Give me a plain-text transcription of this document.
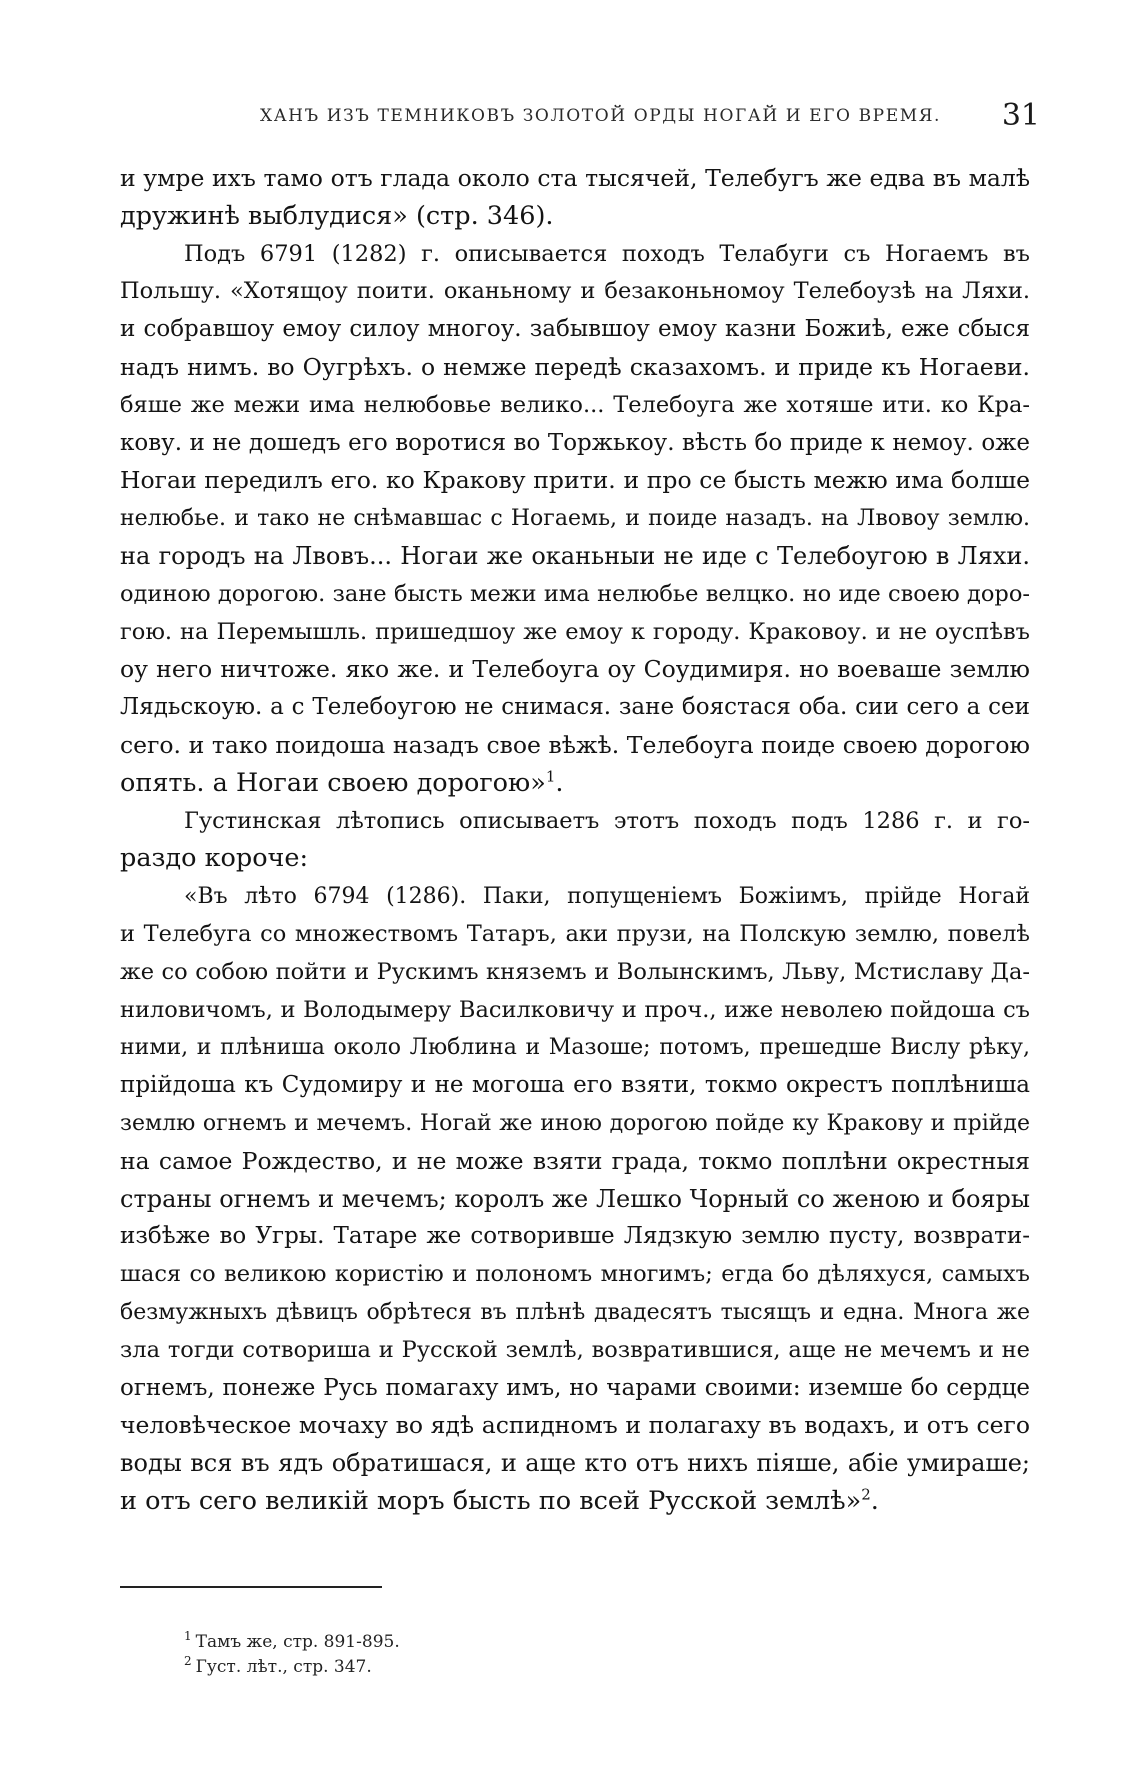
ХАНЪ ИЗЪ ТЕМНИКОВЪ ЗОЛОТОЙ ОРДЫ НОГАЙ И ЕГО ВРЕМЯ. 31
и умре ихъ тамо отъ глада около ста тысячей, Телебугъ же едва въ малѣ
дружинѣ выблудися» (стр. 346).
Подъ 6791 (1282) г. описывается походъ Телабуги съ Ногаемъ въ
Польшу. «Хотящоу поити. оканьному и безаконьномоу Телебоузѣ на Ляхи.
и собравшоу емоу силоу многоу. забывшоу емоу казни Божиѣ, еже сбыся
надъ нимъ. во Оугрѣхъ. о немже передѣ сказахомъ. и приде къ Ногаеви.
бяше же межи има нелюбовье велико... Телебоуга же хотяше ити. ко Кра-
кову. и не дошедъ его воротися во Торжькоу. вѣсть бо приде к немоу. оже
Ногаи передилъ его. ко Кракову прити. и про се бысть межю има болше
нелюбье. и тако не снѣмавшас с Ногаемь, и поиде назадъ. на Лвовоу землю.
на городъ на Лвовъ... Ногаи же оканьныи не иде с Телебоугою в Ляхи.
одиною дорогою. зане бысть межи има нелюбье велцко. но иде своею доро-
гою. на Перемышль. пришедшоу же емоу к городу. Краковоу. и не оуспѣвъ
оу него ничтоже. яко же. и Телебоуга оу Соудимиря. но воеваше землю
Лядьскоую. а с Телебоугою не снимася. зане боястася оба. сии сего а сеи
сего. и тако поидоша назадъ свое вѣжѣ. Телебоуга поиде своею дорогою
опять. а Ногаи своею дорогою»$^1$.
Густинская лѣтопись описываетъ этотъ походъ подъ 1286 г. и го-
раздо короче:
«Въ лѣто 6794 (1286). Паки, попущеніемъ Божіимъ, прійде Ногай
и Телебуга со множествомъ Татаръ, аки прузи, на Полскую землю, повелѣ
же со собою пойти и Рускимъ княземъ и Волынскимъ, Льву, Мстиславу Да-
ниловичомъ, и Володымеру Василковичу и проч., иже неволею пойдоша съ
ними, и плѣниша около Люблина и Мазоше; потомъ, прешедше Вислу рѣку,
прійдоша къ Судомиру и не могоша его взяти, токмо окрестъ поплѣниша
землю огнемъ и мечемъ. Ногай же иною дорогою пойде ку Кракову и прійде
на самое Рождество, и не може взяти града, токмо поплѣни окрестныя
страны огнемъ и мечемъ; королъ же Лешко Чорный со женою и бояры
избѣже во Угры. Татаре же сотворивше Лядзкую землю пусту, возврати-
шася со великою користію и полономъ многимъ; егда бо дѣляхуся, самыхъ
безмужныхъ дѣвицъ обрѣтеся въ плѣнѣ двадесятъ тысящъ и една. Многа же
зла тогди сотвориша и Русской землѣ, возвратившися, аще не мечемъ и не
огнемъ, понеже Русь помагаху имъ, но чарами своими: иземше бо сердце
человѣческое мочаху во ядѣ аспидномъ и полагаху въ водахъ, и отъ сего
воды вся въ ядъ обратишася, и аще кто отъ нихъ піяше, абіе умираше;
и отъ сего великій моръ бысть по всей Русской землѣ»$^2$.
$^1$ Тамъ же, стр. 891-895.
$^2$ Густ. лѣт., стр. 347.
